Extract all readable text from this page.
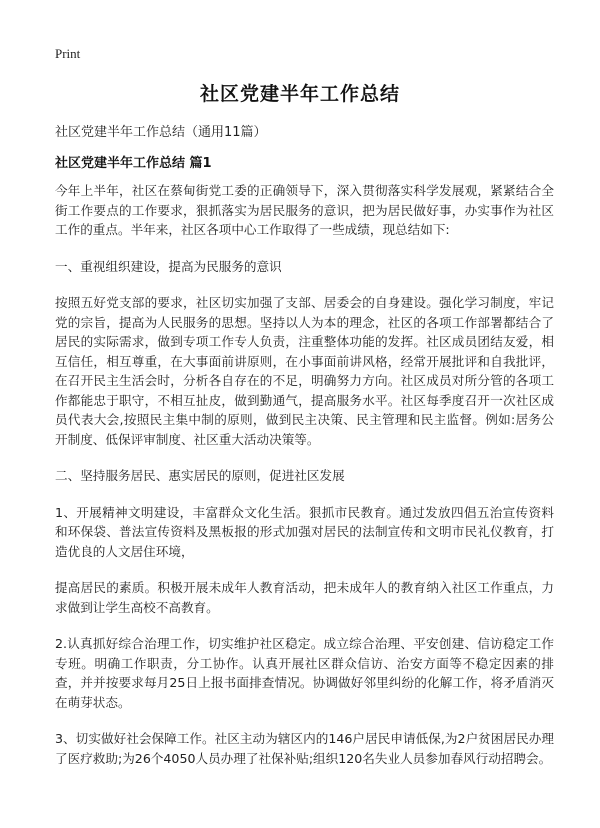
Print
社区党建半年工作总结
社区党建半年工作总结（通用11篇）
社区党建半年工作总结 篇1

今年上半年，社区在蔡甸街党工委的正确领导下，深入贯彻落实科学发展观，紧紧结合全街工作要点的工作要求，狠抓落实为居民服务的意识，把为居民做好事，办实事作为社区工作的重点。半年来，社区各项中心工作取得了一些成绩，现总结如下:

一、重视组织建设，提高为民服务的意识

按照五好党支部的要求，社区切实加强了支部、居委会的自身建设。强化学习制度，牢记党的宗旨，提高为人民服务的思想。坚持以人为本的理念，社区的各项工作部署都结合了居民的实际需求，做到专项工作专人负责，注重整体功能的发挥。社区成员团结友爱，相互信任，相互尊重，在大事面前讲原则，在小事面前讲风格，经常开展批评和自我批评，在召开民主生活会时，分析各自存在的不足，明确努力方向。社区成员对所分管的各项工作都能忠于职守，不相互扯皮，做到勤通气，提高服务水平。社区每季度召开一次社区成员代表大会,按照民主集中制的原则，做到民主决策、民主管理和民主监督。例如:居务公开制度、低保评审制度、社区重大活动决策等。

二、坚持服务居民、惠实居民的原则，促进社区发展

1、开展精神文明建设，丰富群众文化生活。狠抓市民教育。通过发放四倡五治宣传资料和环保袋、普法宣传资料及黑板报的形式加强对居民的法制宣传和文明市民礼仪教育，打造优良的人文居住环境，

提高居民的素质。积极开展未成年人教育活动，把未成年人的教育纳入社区工作重点，力求做到让学生高校不高教育。

2.认真抓好综合治理工作，切实维护社区稳定。成立综合治理、平安创建、信访稳定工作专班。明确工作职责，分工协作。认真开展社区群众信访、治安方面等不稳定因素的排查，并并按要求每月25日上报书面排查情况。协调做好邻里纠纷的化解工作，将矛盾消灭在萌芽状态。

3、切实做好社会保障工作。社区主动为辖区内的146户居民申请低保,为2户贫困居民办理了医疗救助;为26个4050人员办理了社保补贴;组织120名失业人员参加春风行动招聘会。
